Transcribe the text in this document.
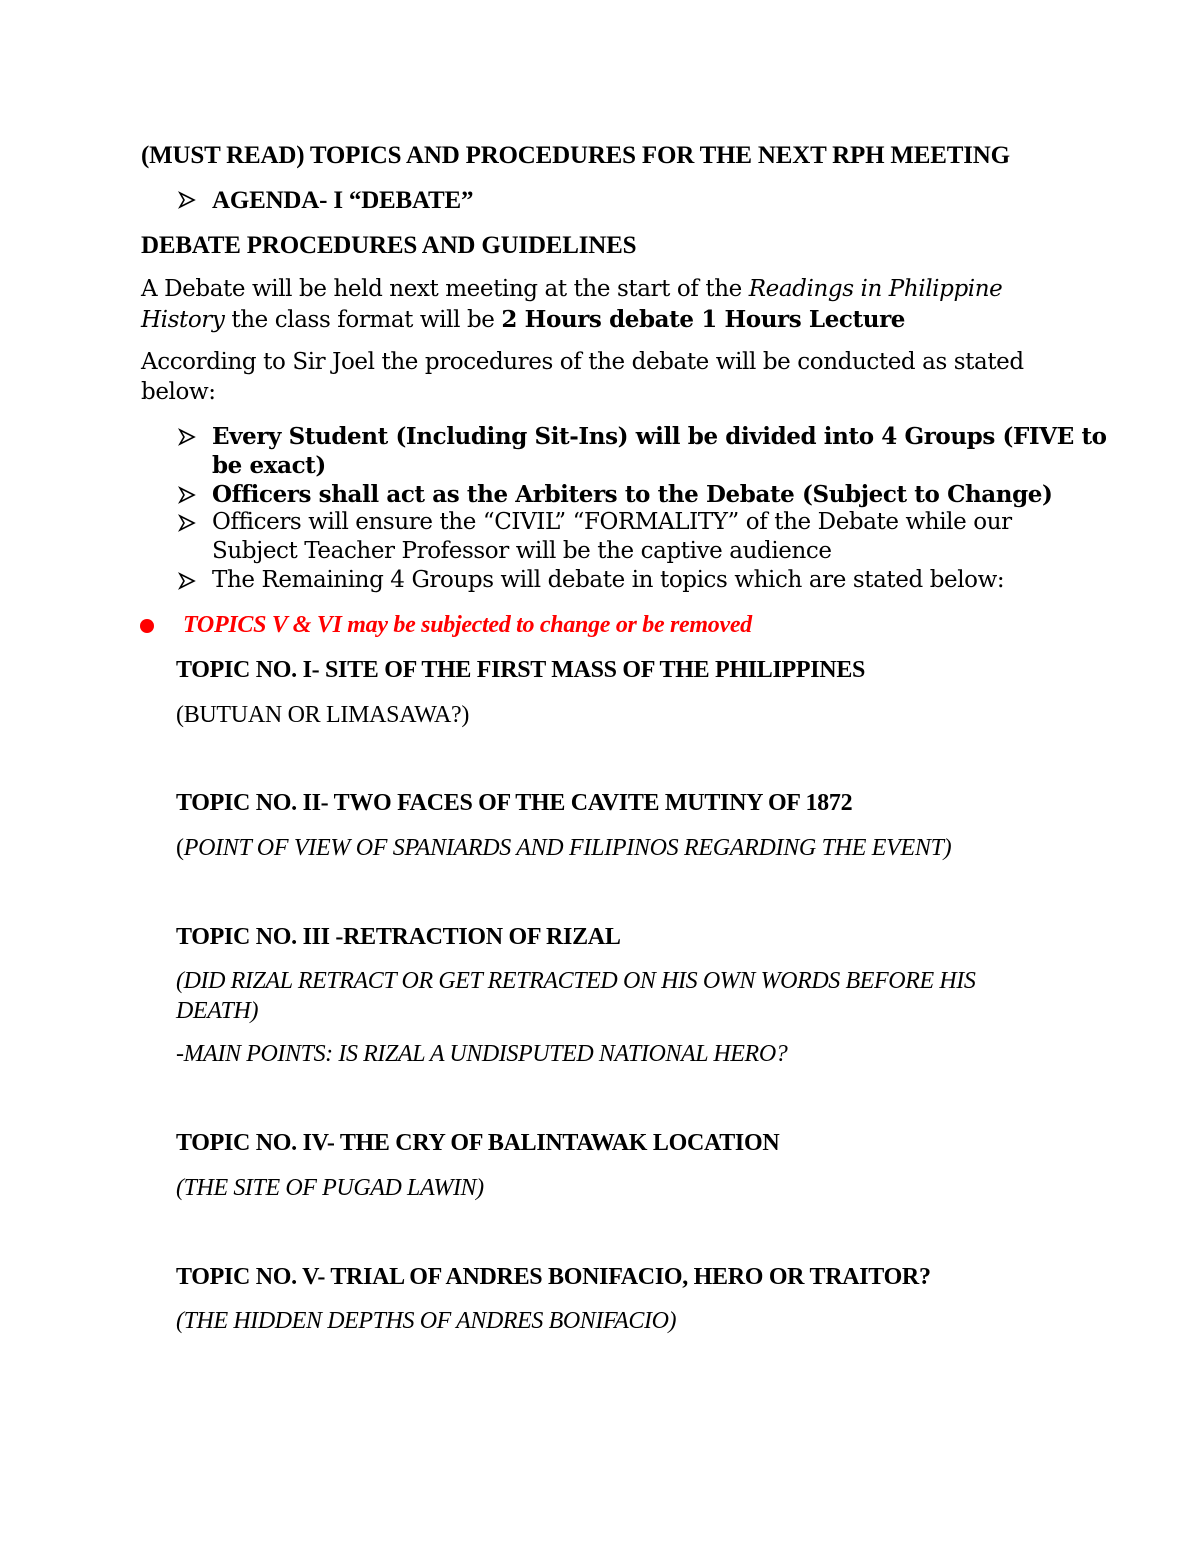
(MUST READ) TOPICS AND PROCEDURES FOR THE NEXT RPH MEETING
AGENDA- I “DEBATE”
DEBATE PROCEDURES AND GUIDELINES
A Debate will be held next meeting at the start of the Readings in Philippine
History the class format will be 2 Hours debate 1 Hours Lecture
According to Sir Joel the procedures of the debate will be conducted as stated
below:
Every Student (Including Sit-Ins) will be divided into 4 Groups (FIVE to
be exact)
Officers shall act as the Arbiters to the Debate (Subject to Change)
Officers will ensure the “CIVIL” “FORMALITY” of the Debate while our
Subject Teacher Professor will be the captive audience
The Remaining 4 Groups will debate in topics which are stated below:
TOPICS V & VI may be subjected to change or be removed
TOPIC NO. I- SITE OF THE FIRST MASS OF THE PHILIPPINES
(BUTUAN OR LIMASAWA?)
TOPIC NO. II- TWO FACES OF THE CAVITE MUTINY OF 1872
(POINT OF VIEW OF SPANIARDS AND FILIPINOS REGARDING THE EVENT)
TOPIC NO. III -RETRACTION OF RIZAL
(DID RIZAL RETRACT OR GET RETRACTED ON HIS OWN WORDS BEFORE HIS
DEATH)
-MAIN POINTS: IS RIZAL A UNDISPUTED NATIONAL HERO?
TOPIC NO. IV- THE CRY OF BALINTAWAK LOCATION
(THE SITE OF PUGAD LAWIN)
TOPIC NO. V- TRIAL OF ANDRES BONIFACIO, HERO OR TRAITOR?
(THE HIDDEN DEPTHS OF ANDRES BONIFACIO)
